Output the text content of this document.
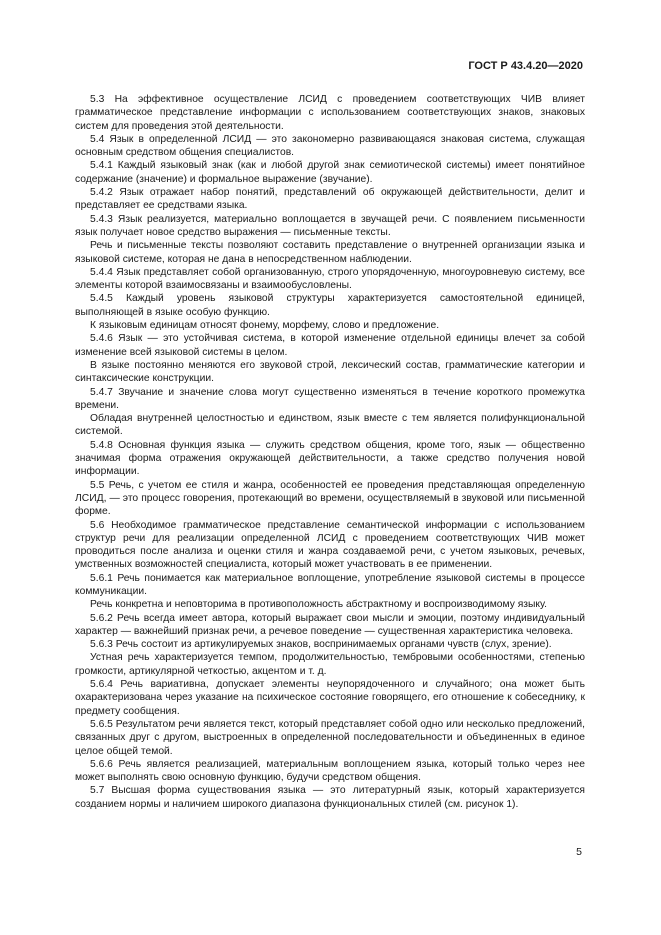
ГОСТ Р 43.4.20—2020

5.3 На эффективное осуществление ЛСИД с проведением соответствующих ЧИВ влияет грамматическое представление информации с использованием соответствующих знаков, знаковых систем для проведения этой деятельности.

5.4 Язык в определенной ЛСИД — это закономерно развивающаяся знаковая система, служащая основным средством общения специалистов.

5.4.1 Каждый языковый знак (как и любой другой знак семиотической системы) имеет понятийное содержание (значение) и формальное выражение (звучание).

5.4.2 Язык отражает набор понятий, представлений об окружающей действительности, делит и представляет ее средствами языка.

5.4.3 Язык реализуется, материально воплощается в звучащей речи. С появлением письменности язык получает новое средство выражения — письменные тексты.

Речь и письменные тексты позволяют составить представление о внутренней организации языка и языковой системе, которая не дана в непосредственном наблюдении.

5.4.4 Язык представляет собой организованную, строго упорядоченную, многоуровневую систему, все элементы которой взаимосвязаны и взаимообусловлены.

5.4.5 Каждый уровень языковой структуры характеризуется самостоятельной единицей, выполняющей в языке особую функцию.

К языковым единицам относят фонему, морфему, слово и предложение.

5.4.6 Язык — это устойчивая система, в которой изменение отдельной единицы влечет за собой изменение всей языковой системы в целом.

В языке постоянно меняются его звуковой строй, лексический состав, грамматические категории и синтаксические конструкции.

5.4.7 Звучание и значение слова могут существенно изменяться в течение короткого промежутка времени.

Обладая внутренней целостностью и единством, язык вместе с тем является полифункциональной системой.

5.4.8 Основная функция языка — служить средством общения, кроме того, язык — общественно значимая форма отражения окружающей действительности, а также средство получения новой информации.

5.5 Речь, с учетом ее стиля и жанра, особенностей ее проведения представляющая определенную ЛСИД, — это процесс говорения, протекающий во времени, осуществляемый в звуковой или письменной форме.

5.6 Необходимое грамматическое представление семантической информации с использованием структур речи для реализации определенной ЛСИД с проведением соответствующих ЧИВ может проводиться после анализа и оценки стиля и жанра создаваемой речи, с учетом языковых, речевых, умственных возможностей специалиста, который может участвовать в ее применении.

5.6.1 Речь понимается как материальное воплощение, употребление языковой системы в процессе коммуникации.

Речь конкретна и неповторима в противоположность абстрактному и воспроизводимому языку.

5.6.2 Речь всегда имеет автора, который выражает свои мысли и эмоции, поэтому индивидуальный характер — важнейший признак речи, а речевое поведение — существенная характеристика человека.

5.6.3 Речь состоит из артикулируемых знаков, воспринимаемых органами чувств (слух, зрение).

Устная речь характеризуется темпом, продолжительностью, тембровыми особенностями, степенью громкости, артикулярной четкостью, акцентом и т. д.

5.6.4 Речь вариативна, допускает элементы неупорядоченного и случайного; она может быть охарактеризована через указание на психическое состояние говорящего, его отношение к собеседнику, к предмету сообщения.

5.6.5 Результатом речи является текст, который представляет собой одно или несколько предложений, связанных друг с другом, выстроенных в определенной последовательности и объединенных в единое целое общей темой.

5.6.6 Речь является реализацией, материальным воплощением языка, который только через нее может выполнять свою основную функцию, будучи средством общения.

5.7 Высшая форма существования языка — это литературный язык, который характеризуется созданием нормы и наличием широкого диапазона функциональных стилей (см. рисунок 1).

5
